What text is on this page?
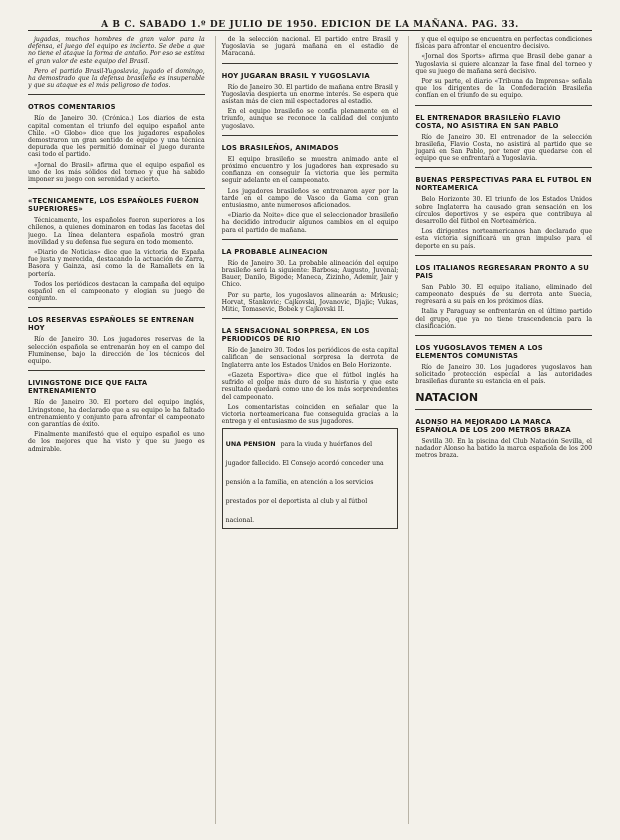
A B C. SABADO 1.º DE JULIO DE 1950. EDICION DE LA MAÑANA. PAG. 33.

jugadas, muchos hombres de gran valor para la defensa, el juego del equipo es incierto. Se debe a que no tiene el ataque la forma de antaño. Por eso se estima el gran valor de este equipo del Brasil.

Pero el partido Brasil-Yugoslavia, jugado el domingo, ha demostrado que la defensa brasileña es insuperable y que su ataque es el más peligroso de todos.

OTROS COMENTARIOS

Río de Janeiro 30. (Crónica.) Los diarios de esta capital comentan el triunfo del equipo español ante Chile. «O Globo» dice que los jugadores españoles demostraron un gran sentido de equipo y una técnica depurada que les permitió dominar el juego durante casi todo el partido.

«Jornal do Brasil» afirma que el equipo español es uno de los más sólidos del torneo y que ha sabido imponer su juego con serenidad y acierto.

«TECNICAMENTE, LOS ESPAÑOLES FUERON SUPERIORES»

Técnicamente, los españoles fueron superiores a los chilenos, a quienes dominaron en todas las facetas del juego. La línea delantera española mostró gran movilidad y su defensa fue segura en todo momento.

«Diario de Noticias» dice que la victoria de España fue justa y merecida, destacando la actuación de Zarra, Basora y Gainza, así como la de Ramallets en la portería.

Todos los periódicos destacan la campaña del equipo español en el campeonato y elogian su juego de conjunto.

LOS RESERVAS ESPAÑOLES SE ENTRENAN HOY

Río de Janeiro 30. Los jugadores reservas de la selección española se entrenarán hoy en el campo del Fluminense, bajo la dirección de los técnicos del equipo.

LIVINGSTONE DICE QUE FALTA ENTRENAMIENTO

Río de Janeiro 30. El portero del equipo inglés, Livingstone, ha declarado que a su equipo le ha faltado entrenamiento y conjunto para afrontar el campeonato con garantías de éxito.

Finalmente manifestó que el equipo español es uno de los mejores que ha visto y que su juego es admirable.

de la selección nacional. El partido entre Brasil y Yugoslavia se jugará mañana en el estadio de Maracaná.

HOY JUGARAN BRASIL Y YUGOSLAVIA

Río de Janeiro 30. El partido de mañana entre Brasil y Yugoslavia despierta un enorme interés. Se espera que asistan más de cien mil espectadores al estadio.

En el equipo brasileño se confía plenamente en el triunfo, aunque se reconoce la calidad del conjunto yugoslavo.

LOS BRASILEÑOS, ANIMADOS

El equipo brasileño se muestra animado ante el próximo encuentro y los jugadores han expresado su confianza en conseguir la victoria que les permita seguir adelante en el campeonato.

Los jugadores brasileños se entrenaron ayer por la tarde en el campo de Vasco da Gama con gran entusiasmo, ante numerosos aficionados.

«Diario da Noite» dice que el seleccionador brasileño ha decidido introducir algunos cambios en el equipo para el partido de mañana.

LA PROBABLE ALINEACION

Río de Janeiro 30. La probable alineación del equipo brasileño será la siguiente: Barbosa; Augusto, Juvenal; Bauer, Danilo, Bigode; Maneca, Zizinho, Ademir, Jair y Chico.

Por su parte, los yugoslavos alinearán a: Mrkusic; Horvat, Stankovic; Cajkovski, Jovanovic, Djajic; Vukas, Mitic, Tomasevic, Bobek y Cajkovski II.

LA SENSACIONAL SORPRESA, EN LOS PERIODICOS DE RIO

Río de Janeiro 30. Todos los periódicos de esta capital califican de sensacional sorpresa la derrota de Inglaterra ante los Estados Unidos en Belo Horizonte.

«Gazeta Esportiva» dice que el fútbol inglés ha sufrido el golpe más duro de su historia y que este resultado quedará como uno de los más sorprendentes del campeonato.

Los comentaristas coinciden en señalar que la victoria norteamericana fue conseguida gracias a la entrega y el entusiasmo de sus jugadores.

UNA PENSION para la viuda y huérfanos del jugador fallecido. El Consejo acordó conceder una pensión a la familia, en atención a los servicios prestados por el deportista al club y al fútbol nacional.

y que el equipo se encuentra en perfectas condiciones físicas para afrontar el encuentro decisivo.

«Jornal dos Sports» afirma que Brasil debe ganar a Yugoslavia si quiere alcanzar la fase final del torneo y que su juego de mañana será decisivo.

Por su parte, el diario «Tribuna da Imprensa» señala que los dirigentes de la Confederación Brasileña confían en el triunfo de su equipo.

EL ENTRENADOR BRASILEÑO FLAVIO COSTA, NO ASISTIRA EN SAN PABLO

Río de Janeiro 30. El entrenador de la selección brasileña, Flavio Costa, no asistirá al partido que se jugará en San Pablo, por tener que quedarse con el equipo que se enfrentará a Yugoslavia.

BUENAS PERSPECTIVAS PARA EL FUTBOL EN NORTEAMERICA

Belo Horizonte 30. El triunfo de los Estados Unidos sobre Inglaterra ha causado gran sensación en los círculos deportivos y se espera que contribuya al desarrollo del fútbol en Norteamérica.

Los dirigentes norteamericanos han declarado que esta victoria significará un gran impulso para el deporte en su país.

LOS ITALIANOS REGRESARAN PRONTO A SU PAIS

San Pablo 30. El equipo italiano, eliminado del campeonato después de su derrota ante Suecia, regresará a su país en los próximos días.

Italia y Paraguay se enfrentarán en el último partido del grupo, que ya no tiene trascendencia para la clasificación.

LOS YUGOSLAVOS TEMEN A LOS ELEMENTOS COMUNISTAS

Río de Janeiro 30. Los jugadores yugoslavos han solicitado protección especial a las autoridades brasileñas durante su estancia en el país.

NATACION
ALONSO HA MEJORADO LA MARCA ESPAÑOLA DE LOS 200 METROS BRAZA

Sevilla 30. En la piscina del Club Natación Sevilla, el nadador Alonso ha batido la marca española de los 200 metros braza.
